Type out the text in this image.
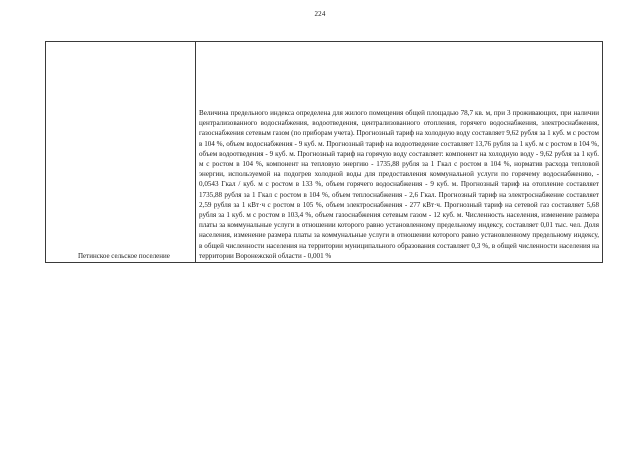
224
Петинское сельское поселение

Величина предельного индекса определена для жилого помещения общей площадью 78,7 кв. м, при 3 проживающих, при наличии централизованного водоснабжения, водоотведения, централизованного отопления, горячего водоснабжения, электроснабжения, газоснабжения сетевым газом (по приборам учета). Прогнозный тариф на холодную воду составляет 9,62 рубля за 1 куб. м с ростом в 104 %, объем водоснабжения - 9 куб. м. Прогнозный тариф на водоотведение составляет 13,76 рубля за 1 куб. м с ростом в 104 %, объем водоотведения - 9 куб. м. Прогнозный тариф на горячую воду составляет: компонент на холодную воду - 9,62 рубля за 1 куб. м с ростом в 104 %, компонент на тепловую энергию - 1735,88 рубля за 1 Гкал с ростом в 104 %, норматив расхода тепловой энергии, используемой на подогрев холодной воды для предоставления коммунальной услуги по горячему водоснабжению, - 0,0543 Гкал / куб. м с ростом в 133 %, объем горячего водоснабжения - 9 куб. м. Прогнозный тариф на отопление составляет 1735,88 рубля за 1 Гкал с ростом в 104 %, объем теплоснабжения - 2,6 Гкал. Прогнозный тариф на электроснабжение составляет 2,59 рубля за 1 кВт·ч с ростом в 105 %, объем электроснабжения - 277 кВт·ч. Прогнозный тариф на сетевой газ составляет 5,68 рубля за 1 куб. м с ростом в 103,4 %, объем газоснабжения сетевым газом - 12 куб. м. Численность населения, изменение размера платы за коммунальные услуги в отношении которого равно установленному предельному индексу, составляет 0,01 тыс. чел. Доля населения, изменение размера платы за коммунальные услуги в отношении которого равно установленному предельному индексу, в общей численности населения на территории муниципального образования составляет 0,3 %, в общей численности населения на территории Воронежской области - 0,001 %
